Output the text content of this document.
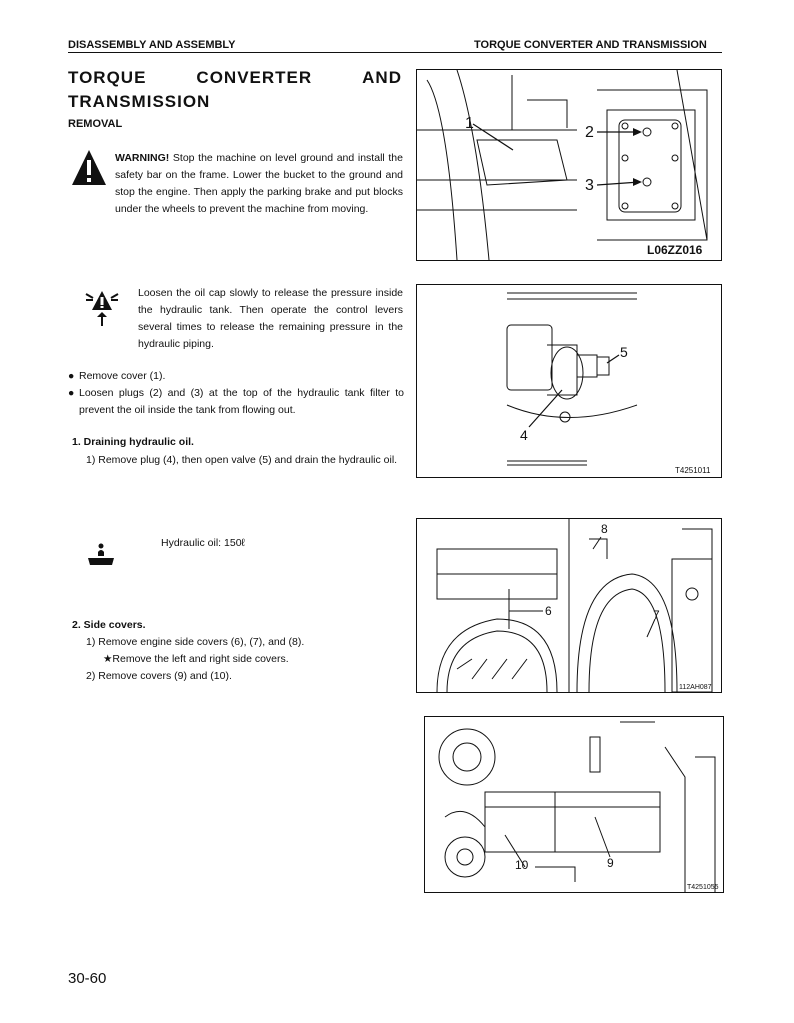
DISASSEMBLY AND ASSEMBLY	TORQUE CONVERTER AND TRANSMISSION
TORQUE	CONVERTER	AND
TRANSMISSION
REMOVAL
WARNING! Stop the machine on level ground and install the safety bar on the frame. Lower the bucket to the ground and stop the engine. Then apply the parking brake and put blocks under the wheels to prevent the machine from moving.
Loosen the oil cap slowly to release the pressure inside the hydraulic tank. Then operate the control levers several times to release the remaining pressure in the hydraulic piping.
● Remove cover (1).
● Loosen plugs (2) and (3) at the top of the hydraulic tank filter to prevent the oil inside the tank from flowing out.
1. Draining hydraulic oil.
1) Remove plug (4), then open valve (5) and drain the hydraulic oil.
Hydraulic oil: 150ℓ
2. Side covers.
1) Remove engine side covers (6), (7), and (8).
★Remove the left and right side covers.
2) Remove covers (9) and (10).
1
2
3
L06ZZ016
5
4
T4251011
6
8
7
112AH087
10	9
T4251055
30-60
